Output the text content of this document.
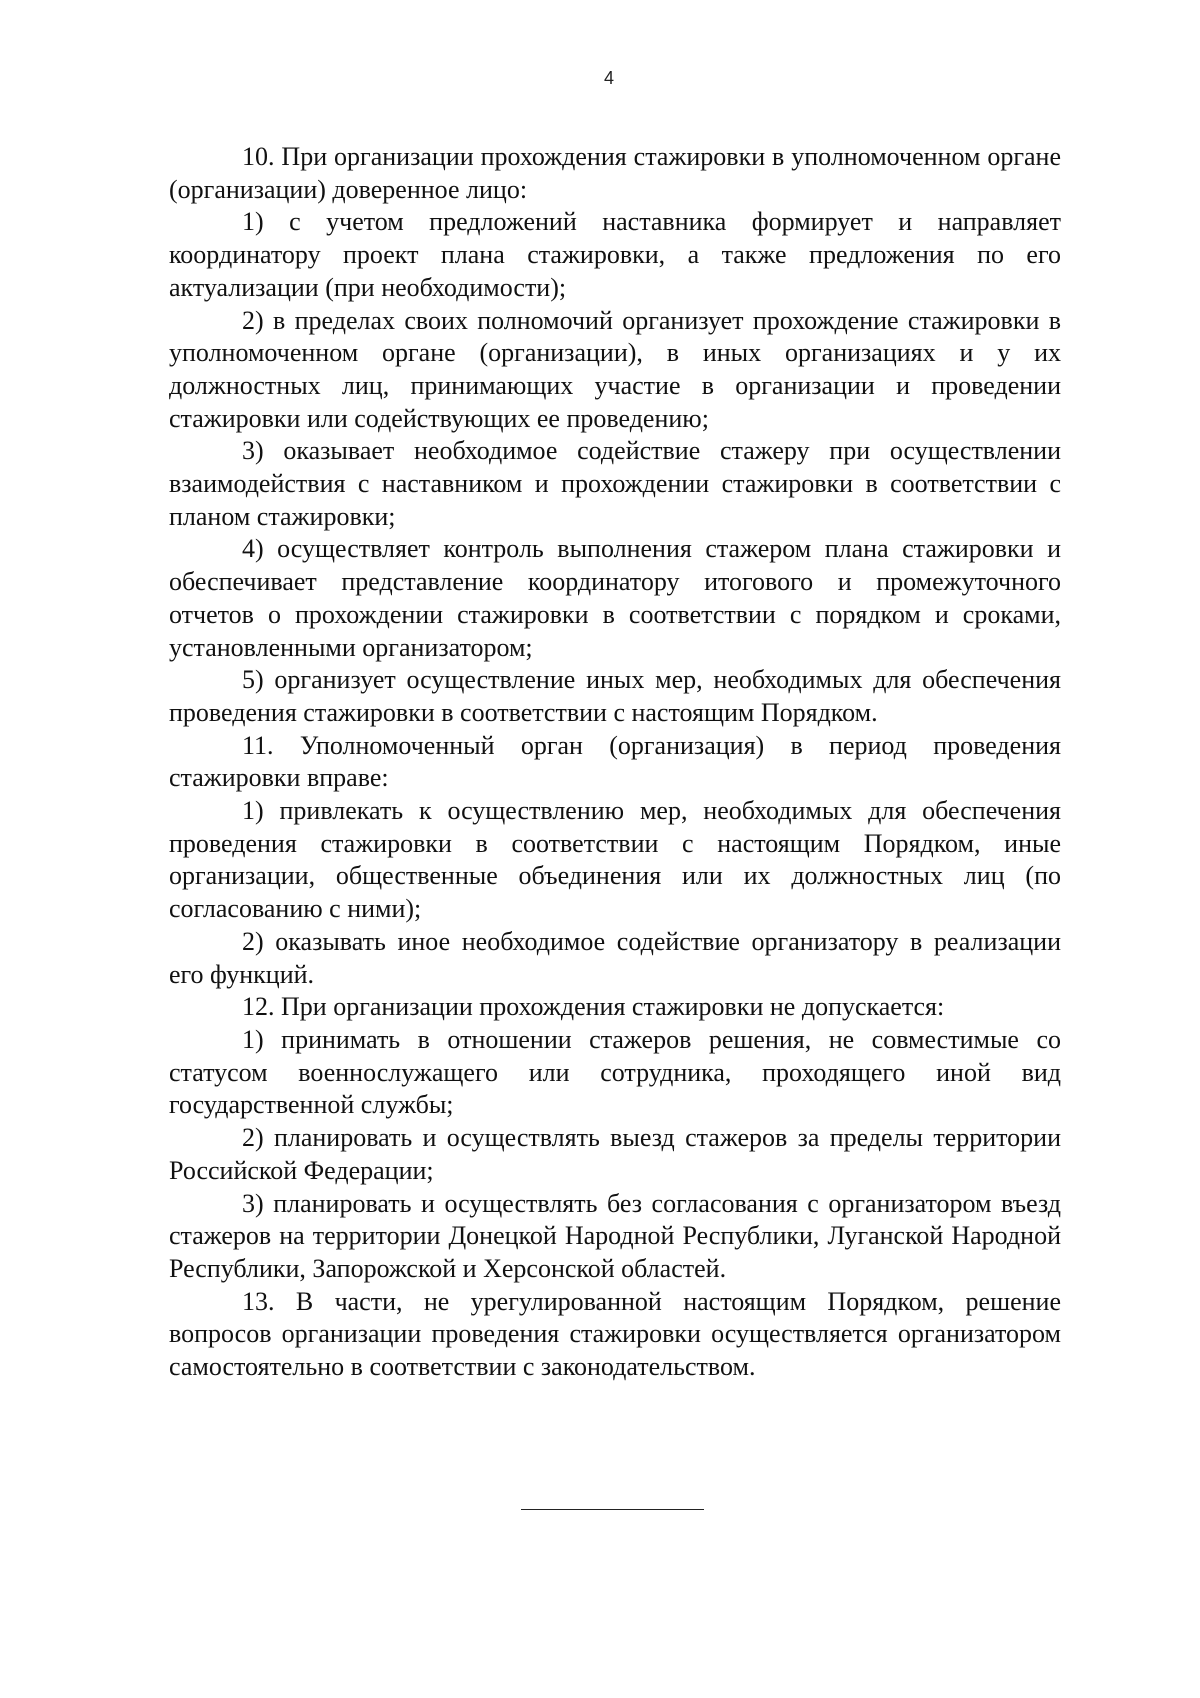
4

10. При организации прохождения стажировки в уполномоченном органе (организации) доверенное лицо:

1) с учетом предложений наставника формирует и направляет координатору проект плана стажировки, а также предложения по его актуализации (при необходимости);

2) в пределах своих полномочий организует прохождение стажировки в уполномоченном органе (организации), в иных организациях и у их должностных лиц, принимающих участие в организации и проведении стажировки или содействующих ее проведению;

3) оказывает необходимое содействие стажеру при осуществлении взаимодействия с наставником и прохождении стажировки в соответствии с планом стажировки;

4) осуществляет контроль выполнения стажером плана стажировки и обеспечивает представление координатору итогового и промежуточного отчетов о прохождении стажировки в соответствии с порядком и сроками, установленными организатором;

5) организует осуществление иных мер, необходимых для обеспечения проведения стажировки в соответствии с настоящим Порядком.

11. Уполномоченный орган (организация) в период проведения стажировки вправе:

1) привлекать к осуществлению мер, необходимых для обеспечения проведения стажировки в соответствии с настоящим Порядком, иные организации, общественные объединения или их должностных лиц (по согласованию с ними);

2) оказывать иное необходимое содействие организатору в реализации его функций.

12. При организации прохождения стажировки не допускается:

1) принимать в отношении стажеров решения, не совместимые со статусом военнослужащего или сотрудника, проходящего иной вид государственной службы;

2) планировать и осуществлять выезд стажеров за пределы территории Российской Федерации;

3) планировать и осуществлять без согласования с организатором въезд стажеров на территории Донецкой Народной Республики, Луганской Народной Республики, Запорожской и Херсонской областей.

13. В части, не урегулированной настоящим Порядком, решение вопросов организации проведения стажировки осуществляется организатором самостоятельно в соответствии с законодательством.
